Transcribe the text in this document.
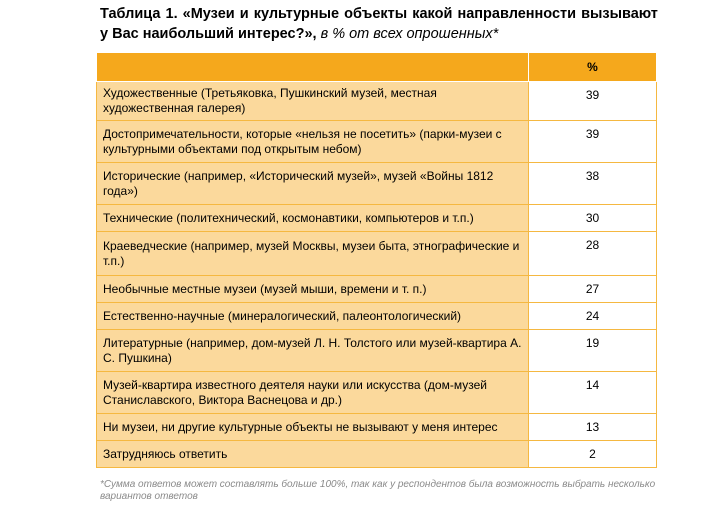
Таблица 1. «Музеи и культурные объекты какой направленности вызывают
у Вас наибольший интерес?», в % от всех опрошенных*
	%
Художественные (Третьяковка, Пушкинский музей, местная художественная галерея)	39
Достопримечательности, которые «нельзя не посетить» (парки-музеи с культурными объектами под открытым небом)	39
Исторические (например, «Исторический музей», музей «Войны 1812 года»)	38
Технические (политехнический, космонавтики, компьютеров и т.п.)	30
Краеведческие (например, музей Москвы, музеи быта, этнографические и т.п.)	28
Необычные местные музеи (музей мыши, времени и т. п.)	27
Естественно-научные (минералогический, палеонтологический)	24
Литературные (например, дом-музей Л. Н. Толстого или музей-квартира А. С. Пушкина)	19
Музей-квартира известного деятеля науки или искусства (дом-музей Станиславского, Виктора Васнецова и др.)	14
Ни музеи, ни другие культурные объекты не вызывают у меня интерес	13
Затрудняюсь ответить	2
*Сумма ответов может составлять больше 100%, так как у респондентов была возможность выбрать несколько вариантов ответов
